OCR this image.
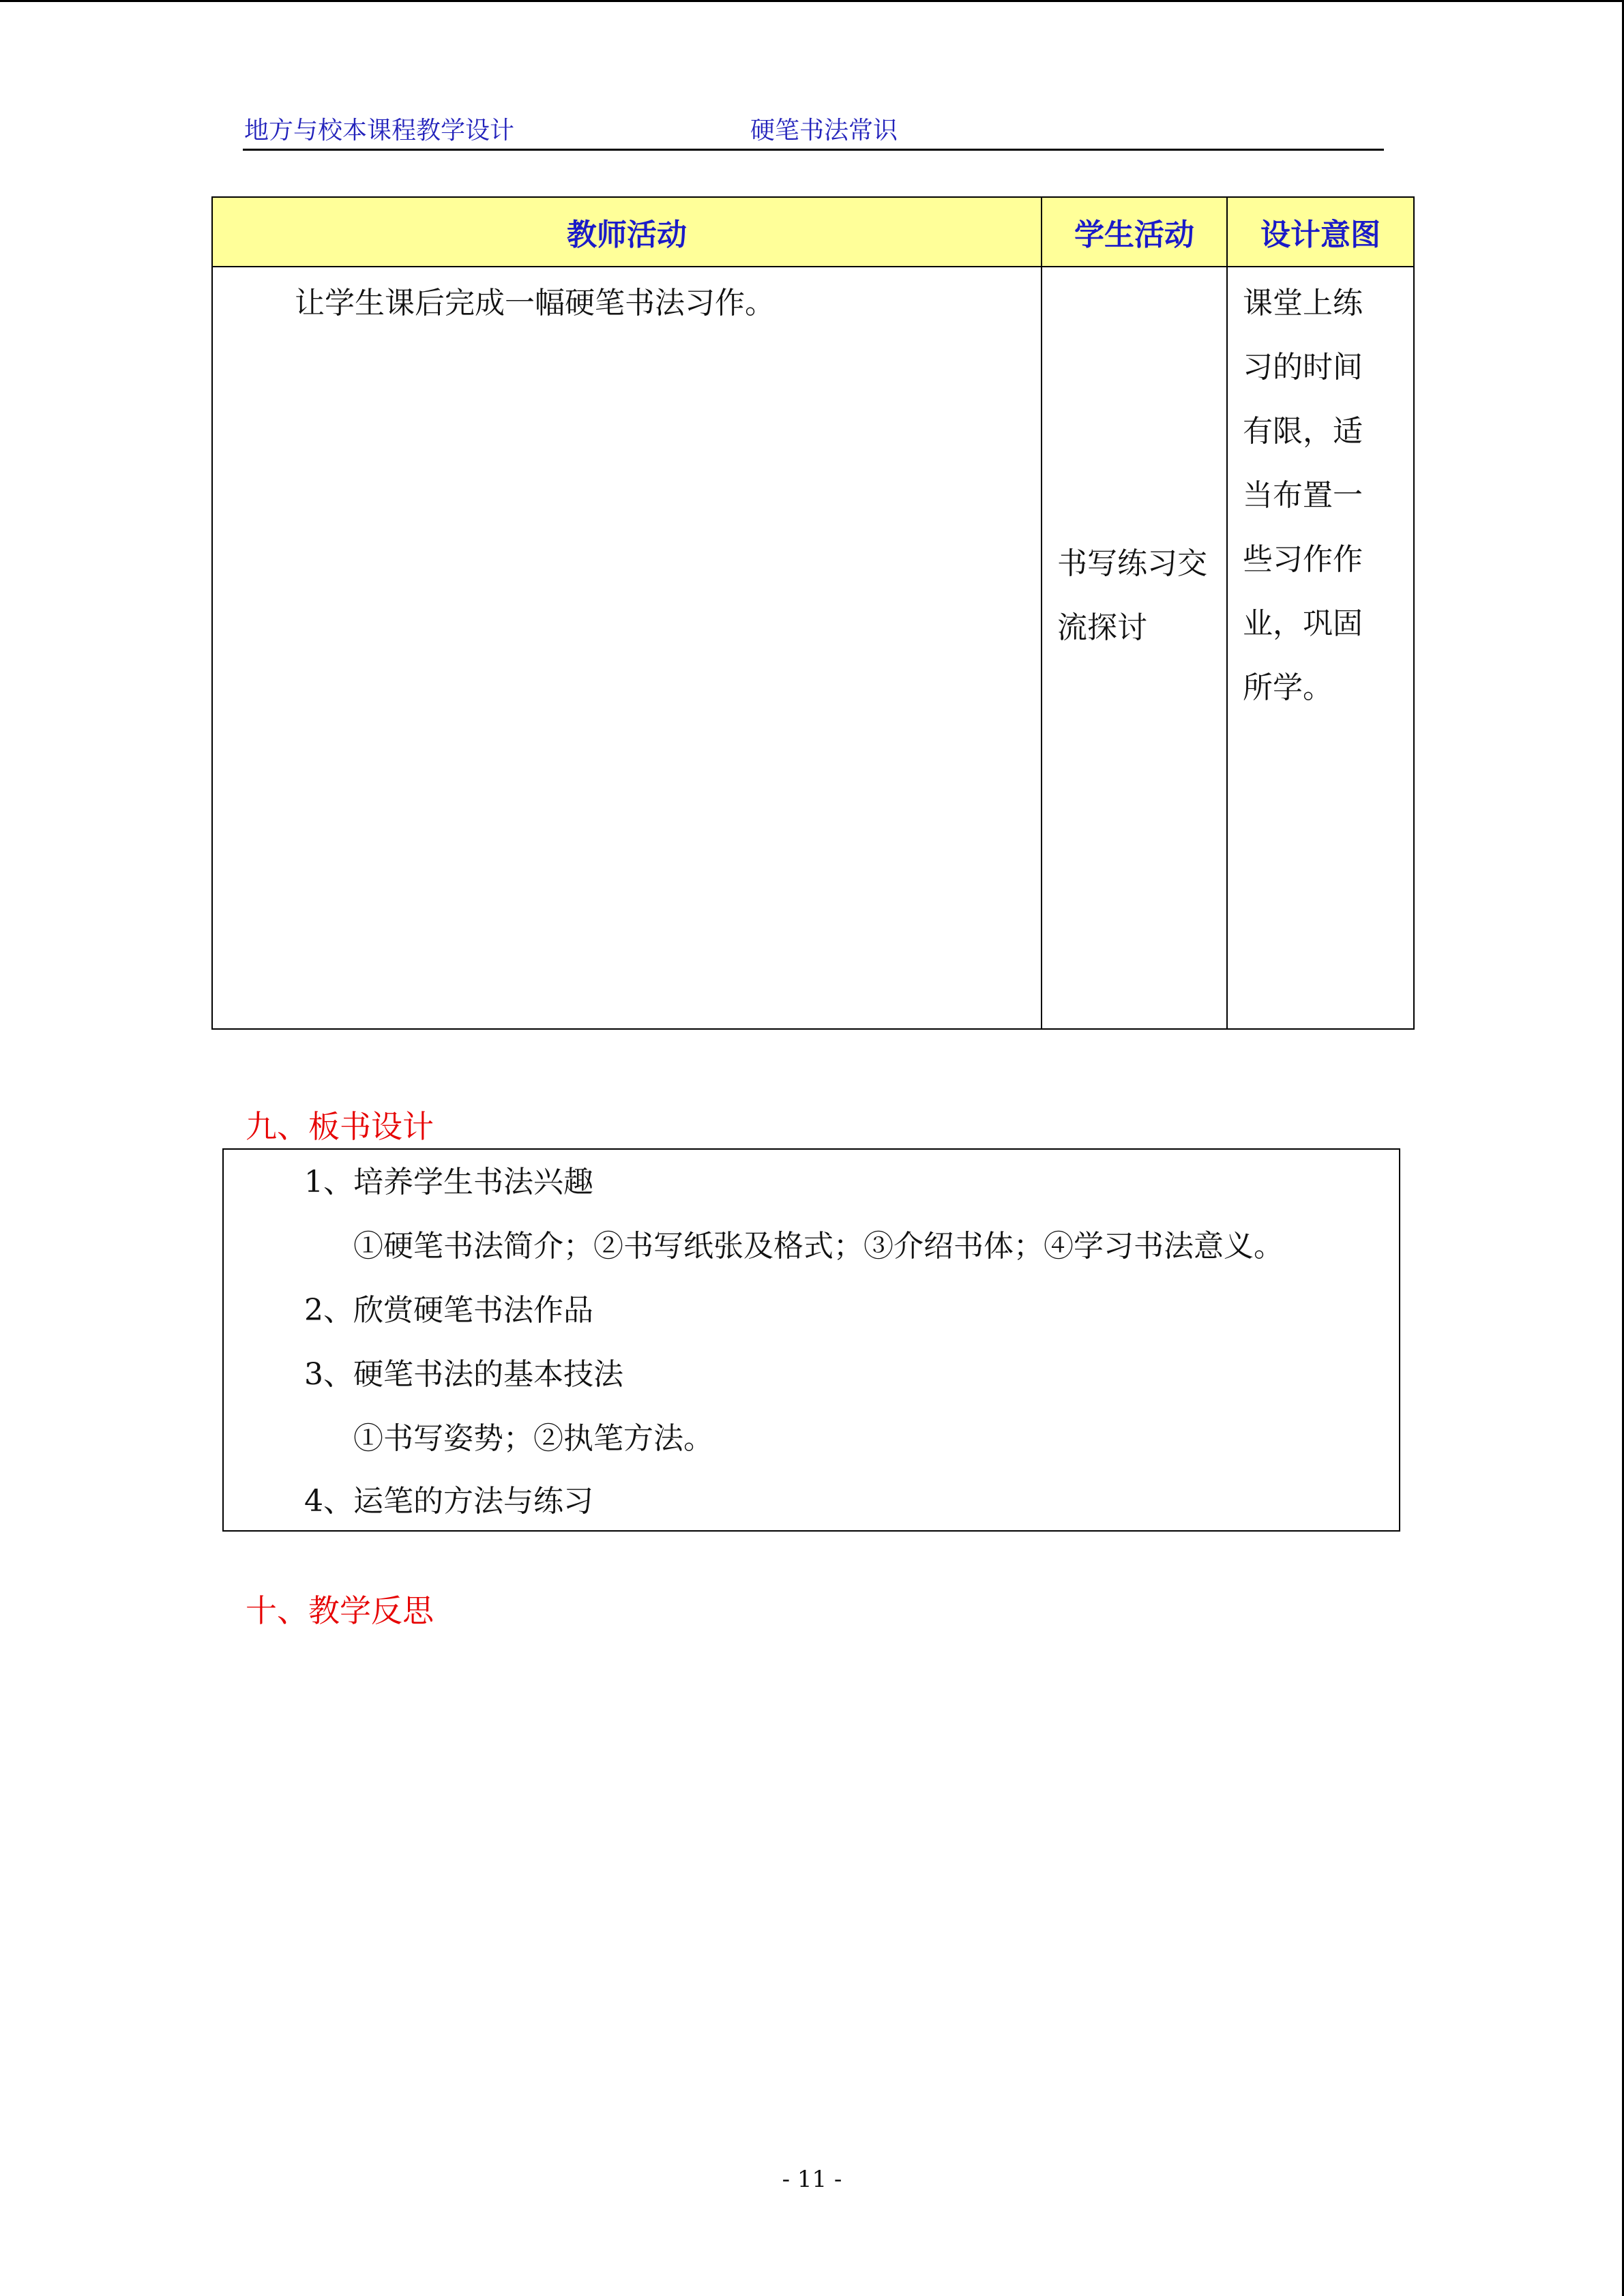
地方与校本课程教学设计	硬笔书法常识
教师活动	学生活动	设计意图
让学生课后完成一幅硬笔书法习作。	书写练习交流探讨	课堂上练习的时间有限，适当布置一些习作作业，巩固所学。
九、板书设计
1、培养学生书法兴趣
①硬笔书法简介；②书写纸张及格式；③介绍书体；④学习书法意义。
2、欣赏硬笔书法作品
3、硬笔书法的基本技法
①书写姿势；②执笔方法。
4、运笔的方法与练习
十、教学反思
- 11 -
